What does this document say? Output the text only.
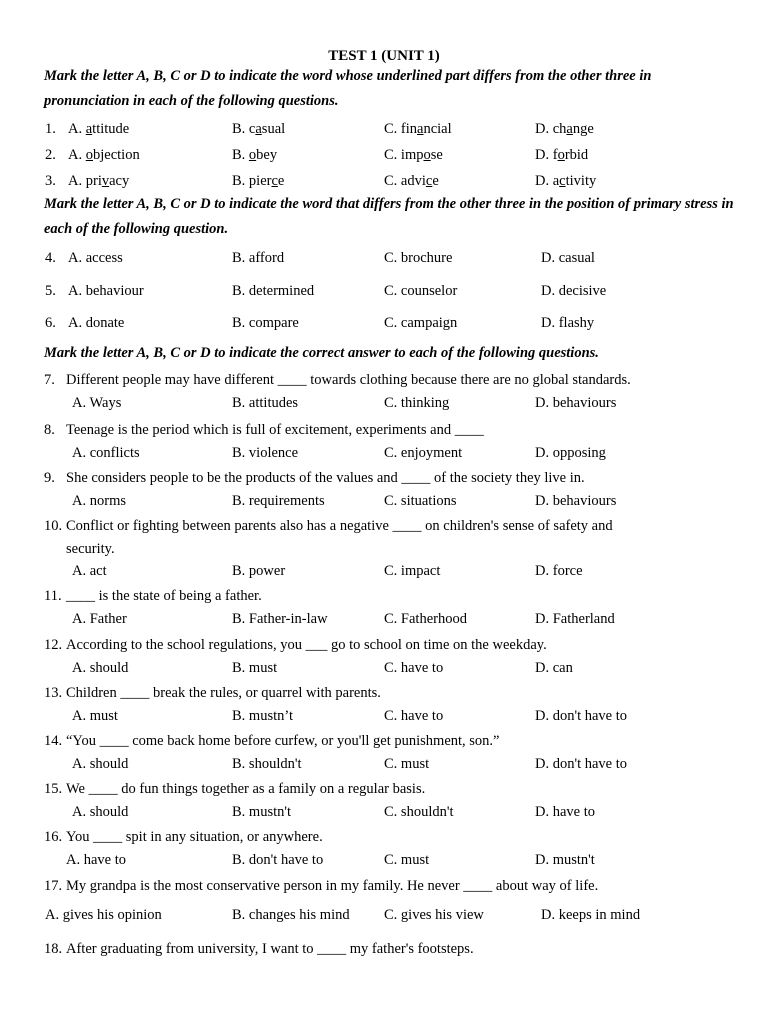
TEST 1 (UNIT 1)
Mark the letter A, B, C or D to indicate the word whose underlined part differs from the other three in pronunciation in each of the following questions.
1. A. attitude	B. casual	C. financial	D. change
2. A. objection	B. obey	C. impose	D. forbid
3. A. privacy	B. pierce	C. advice	D. activity
Mark the letter A, B, C or D to indicate the word that differs from the other three in the position of primary stress in each of the following question.
4. A. access	B. afford	C. brochure	D. casual
5. A. behaviour	B. determined	C. counselor	D. decisive
6. A. donate	B. compare	C. campaign	D. flashy
Mark the letter A, B, C or D to indicate the correct answer to each of the following questions.
7. Different people may have different ____ towards clothing because there are no global standards.
A. Ways	B. attitudes	C. thinking	D. behaviours
8. Teenage is the period which is full of excitement, experiments and ____
A. conflicts	B. violence	C. enjoyment	D. opposing
9. She considers people to be the products of the values and ____ of the society they live in.
A. norms	B. requirements	C. situations	D. behaviours
10. Conflict or fighting between parents also has a negative ____ on children's sense of safety and
security.
A. act	B. power	C. impact	D. force
11. ____ is the state of being a father.
A. Father	B. Father-in-law	C. Fatherhood	D. Fatherland
12. According to the school regulations, you ___ go to school on time on the weekday.
A. should	B. must	C. have to	D. can
13. Children ____ break the rules, or quarrel with parents.
A. must	B. mustn’t	C. have to	D. don't have to
14. “You ____ come back home before curfew, or you'll get punishment, son.”
A. should	B. shouldn't	C. must	D. don't have to
15. We ____ do fun things together as a family on a regular basis.
A. should	B. mustn't	C. shouldn't	D. have to
16. You ____ spit in any situation, or anywhere.
A. have to	B. don't have to	C. must	D. mustn't
17. My grandpa is the most conservative person in my family. He never ____ about way of life.
A. gives his opinion	B. changes his mind C. gives his view	D. keeps in mind
18. After graduating from university, I want to ____ my father's footsteps.
